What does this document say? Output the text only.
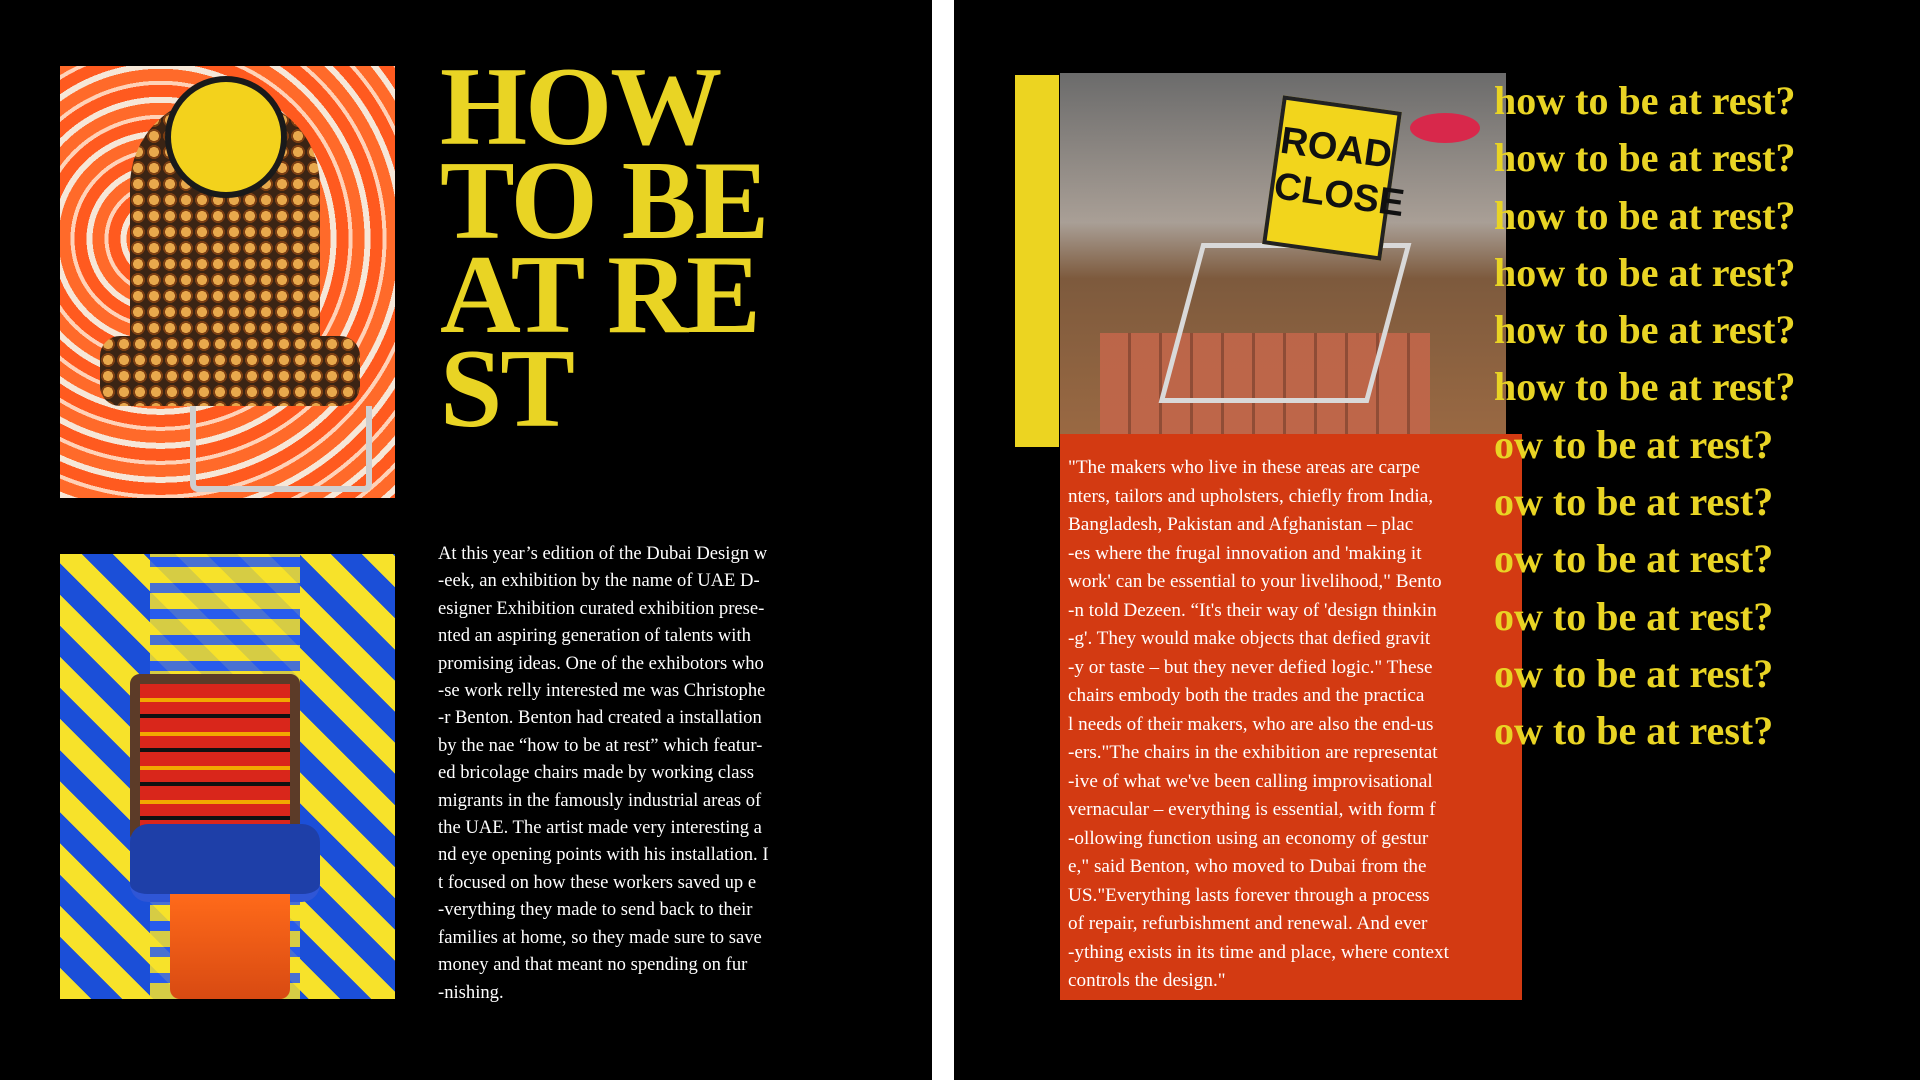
HOW
TO BE
AT RE
ST

At this year’s edition of the Dubai Design w
-eek, an exhibition by the name of UAE D-
esigner Exhibition curated exhibition prese-
nted an aspiring generation of talents with
promising ideas. One of the exhibotors who
-se work relly interested me was Christophe
-r Benton. Benton had created a installation
by the nae “how to be at rest” which featur-
ed bricolage chairs made by working class
migrants in the famously industrial areas of
the UAE. The artist made very interesting a
nd eye opening points with his installation. I
t focused on how these workers saved up e
-verything they made to send back to their
families at home, so they made sure to save
money and that meant no spending on fur
-nishing.

ROAD
CLOSE

"The makers who live in these areas are carpe
nters, tailors and upholsters, chiefly from India,
Bangladesh, Pakistan and Afghanistan – plac
-es where the frugal innovation and 'making it
work' can be essential to your livelihood," Bento
-n told Dezeen. “It's their way of 'design thinkin
-g'. They would make objects that defied gravit
-y or taste – but they never defied logic." These
chairs embody both the trades and the practica
l needs of their makers, who are also the end-us
-ers."The chairs in the exhibition are representat
-ive of what we've been calling improvisational
vernacular – everything is essential, with form f
-ollowing function using an economy of gestur
e," said Benton, who moved to Dubai from the
US."Everything lasts forever through a process
of repair, refurbishment and renewal. And ever
-ything exists in its time and place, where context
controls the design."

how to be at rest?
how to be at rest?
how to be at rest?
how to be at rest?
how to be at rest?
how to be at rest?
ow to be at rest?
ow to be at rest?
ow to be at rest?
ow to be at rest?
ow to be at rest?
ow to be at rest?
